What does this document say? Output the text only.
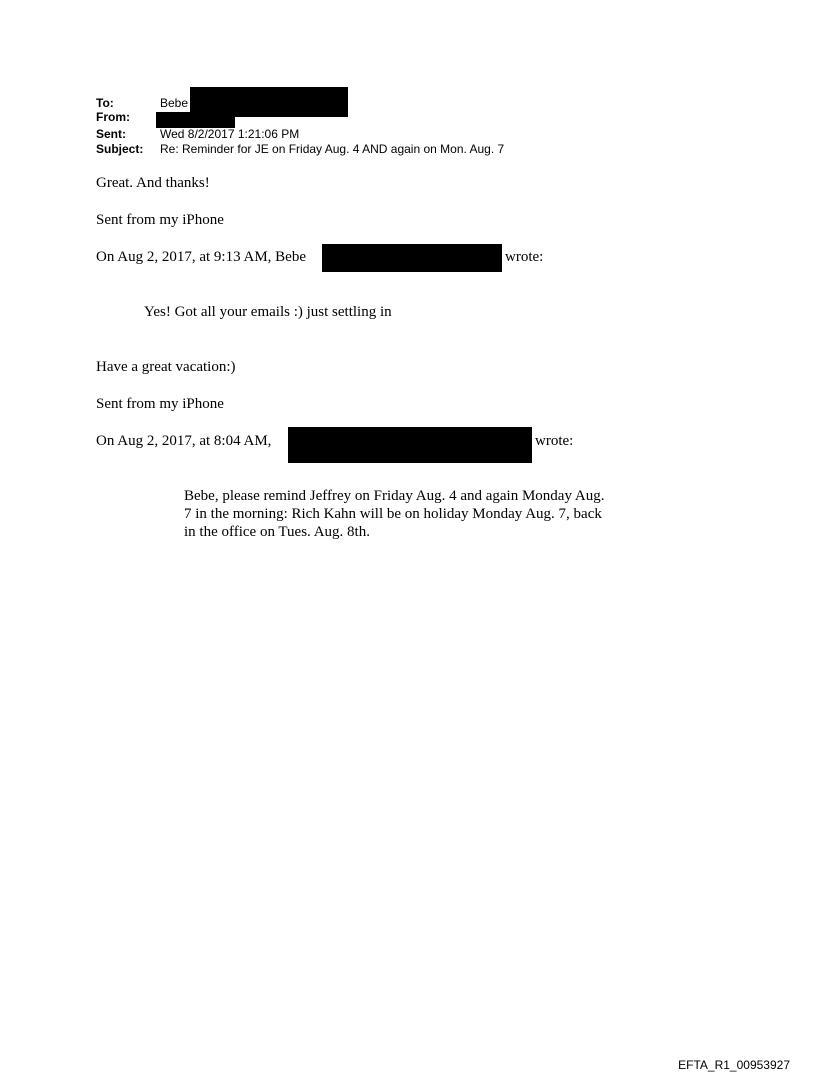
To:	Bebe
From:
Sent:	Wed 8/2/2017 1:21:06 PM
Subject: Re: Reminder for JE on Friday Aug. 4 AND again on Mon. Aug. 7
Great. And thanks!
Sent from my iPhone
On Aug 2, 2017, at 9:13 AM, Bebe	wrote:
Yes! Got all your emails :) just settling in
Have a great vacation:)
Sent from my iPhone
On Aug 2, 2017, at 8:04 AM,	wrote:
Bebe, please remind Jeffrey on Friday Aug. 4 and again Monday Aug.
7 in the morning: Rich Kahn will be on holiday Monday Aug. 7, back
in the office on Tues. Aug. 8th.
EFTA_R1_00953927
